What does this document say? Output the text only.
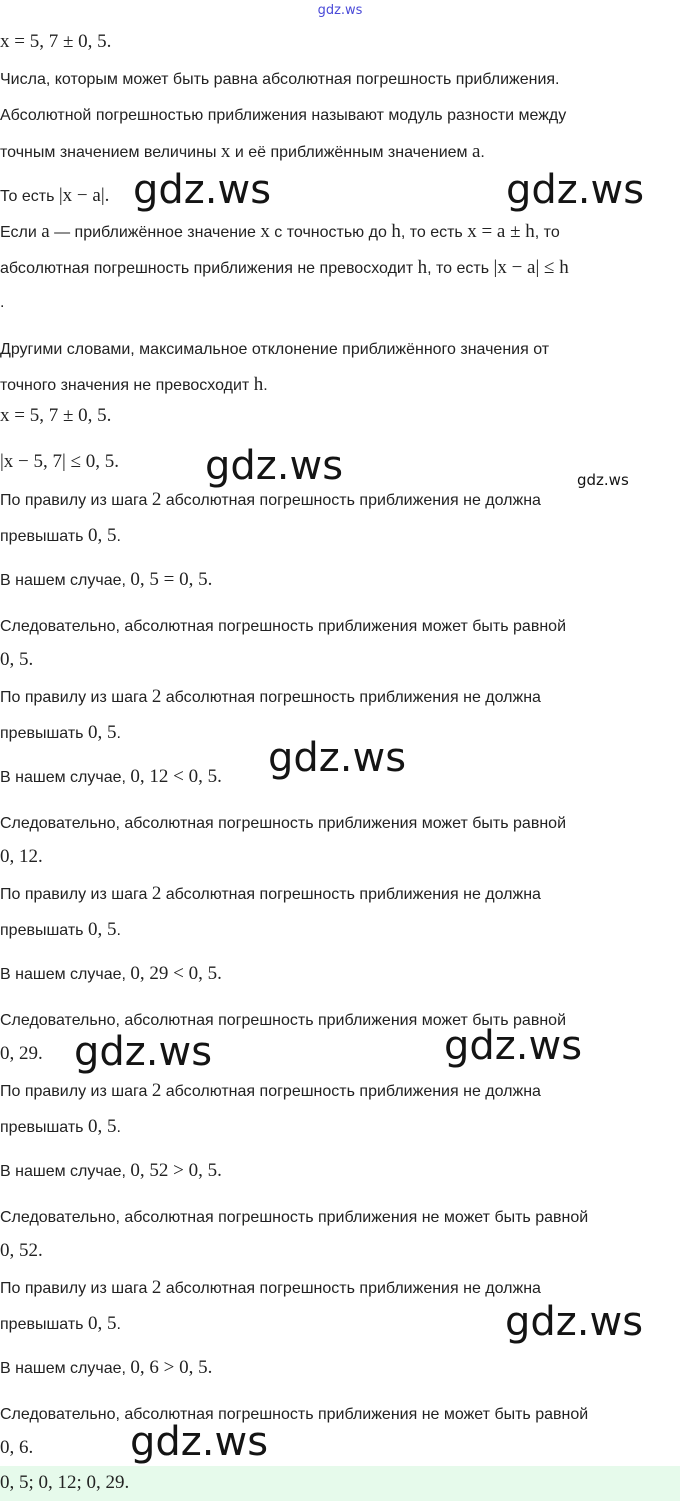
gdz.ws
x = 5, 7 ± 0, 5.
Числа, которым может быть равна абсолютная погрешность приближения.
Абсолютной погрешностью приближения называют модуль разности между
точным значением величины x и её приближённым значением a.
То есть |x − a|.
Если a — приближённое значение x с точностью до h, то есть x = a ± h, то
абсолютная погрешность приближения не превосходит h, то есть |x − a| ≤ h
.
Другими словами, максимальное отклонение приближённого значения от
точного значения не превосходит h.
x = 5, 7 ± 0, 5.
|x − 5, 7| ≤ 0, 5.
По правилу из шага 2 абсолютная погрешность приближения не должна
превышать 0, 5.
В нашем случае, 0, 5 = 0, 5.
Следовательно, абсолютная погрешность приближения может быть равной
0, 5.
По правилу из шага 2 абсолютная погрешность приближения не должна
превышать 0, 5.
В нашем случае, 0, 12 < 0, 5.
Следовательно, абсолютная погрешность приближения может быть равной
0, 12.
По правилу из шага 2 абсолютная погрешность приближения не должна
превышать 0, 5.
В нашем случае, 0, 29 < 0, 5.
Следовательно, абсолютная погрешность приближения может быть равной
0, 29.
По правилу из шага 2 абсолютная погрешность приближения не должна
превышать 0, 5.
В нашем случае, 0, 52 > 0, 5.
Следовательно, абсолютная погрешность приближения не может быть равной
0, 52.
По правилу из шага 2 абсолютная погрешность приближения не должна
превышать 0, 5.
В нашем случае, 0, 6 > 0, 5.
Следовательно, абсолютная погрешность приближения не может быть равной
0, 6.
0, 5; 0, 12; 0, 29.
gdz.ws	gdz.ws
gdz.ws	gdz.ws
gdz.ws
gdz.ws	gdz.ws
gdz.ws
gdz.ws
